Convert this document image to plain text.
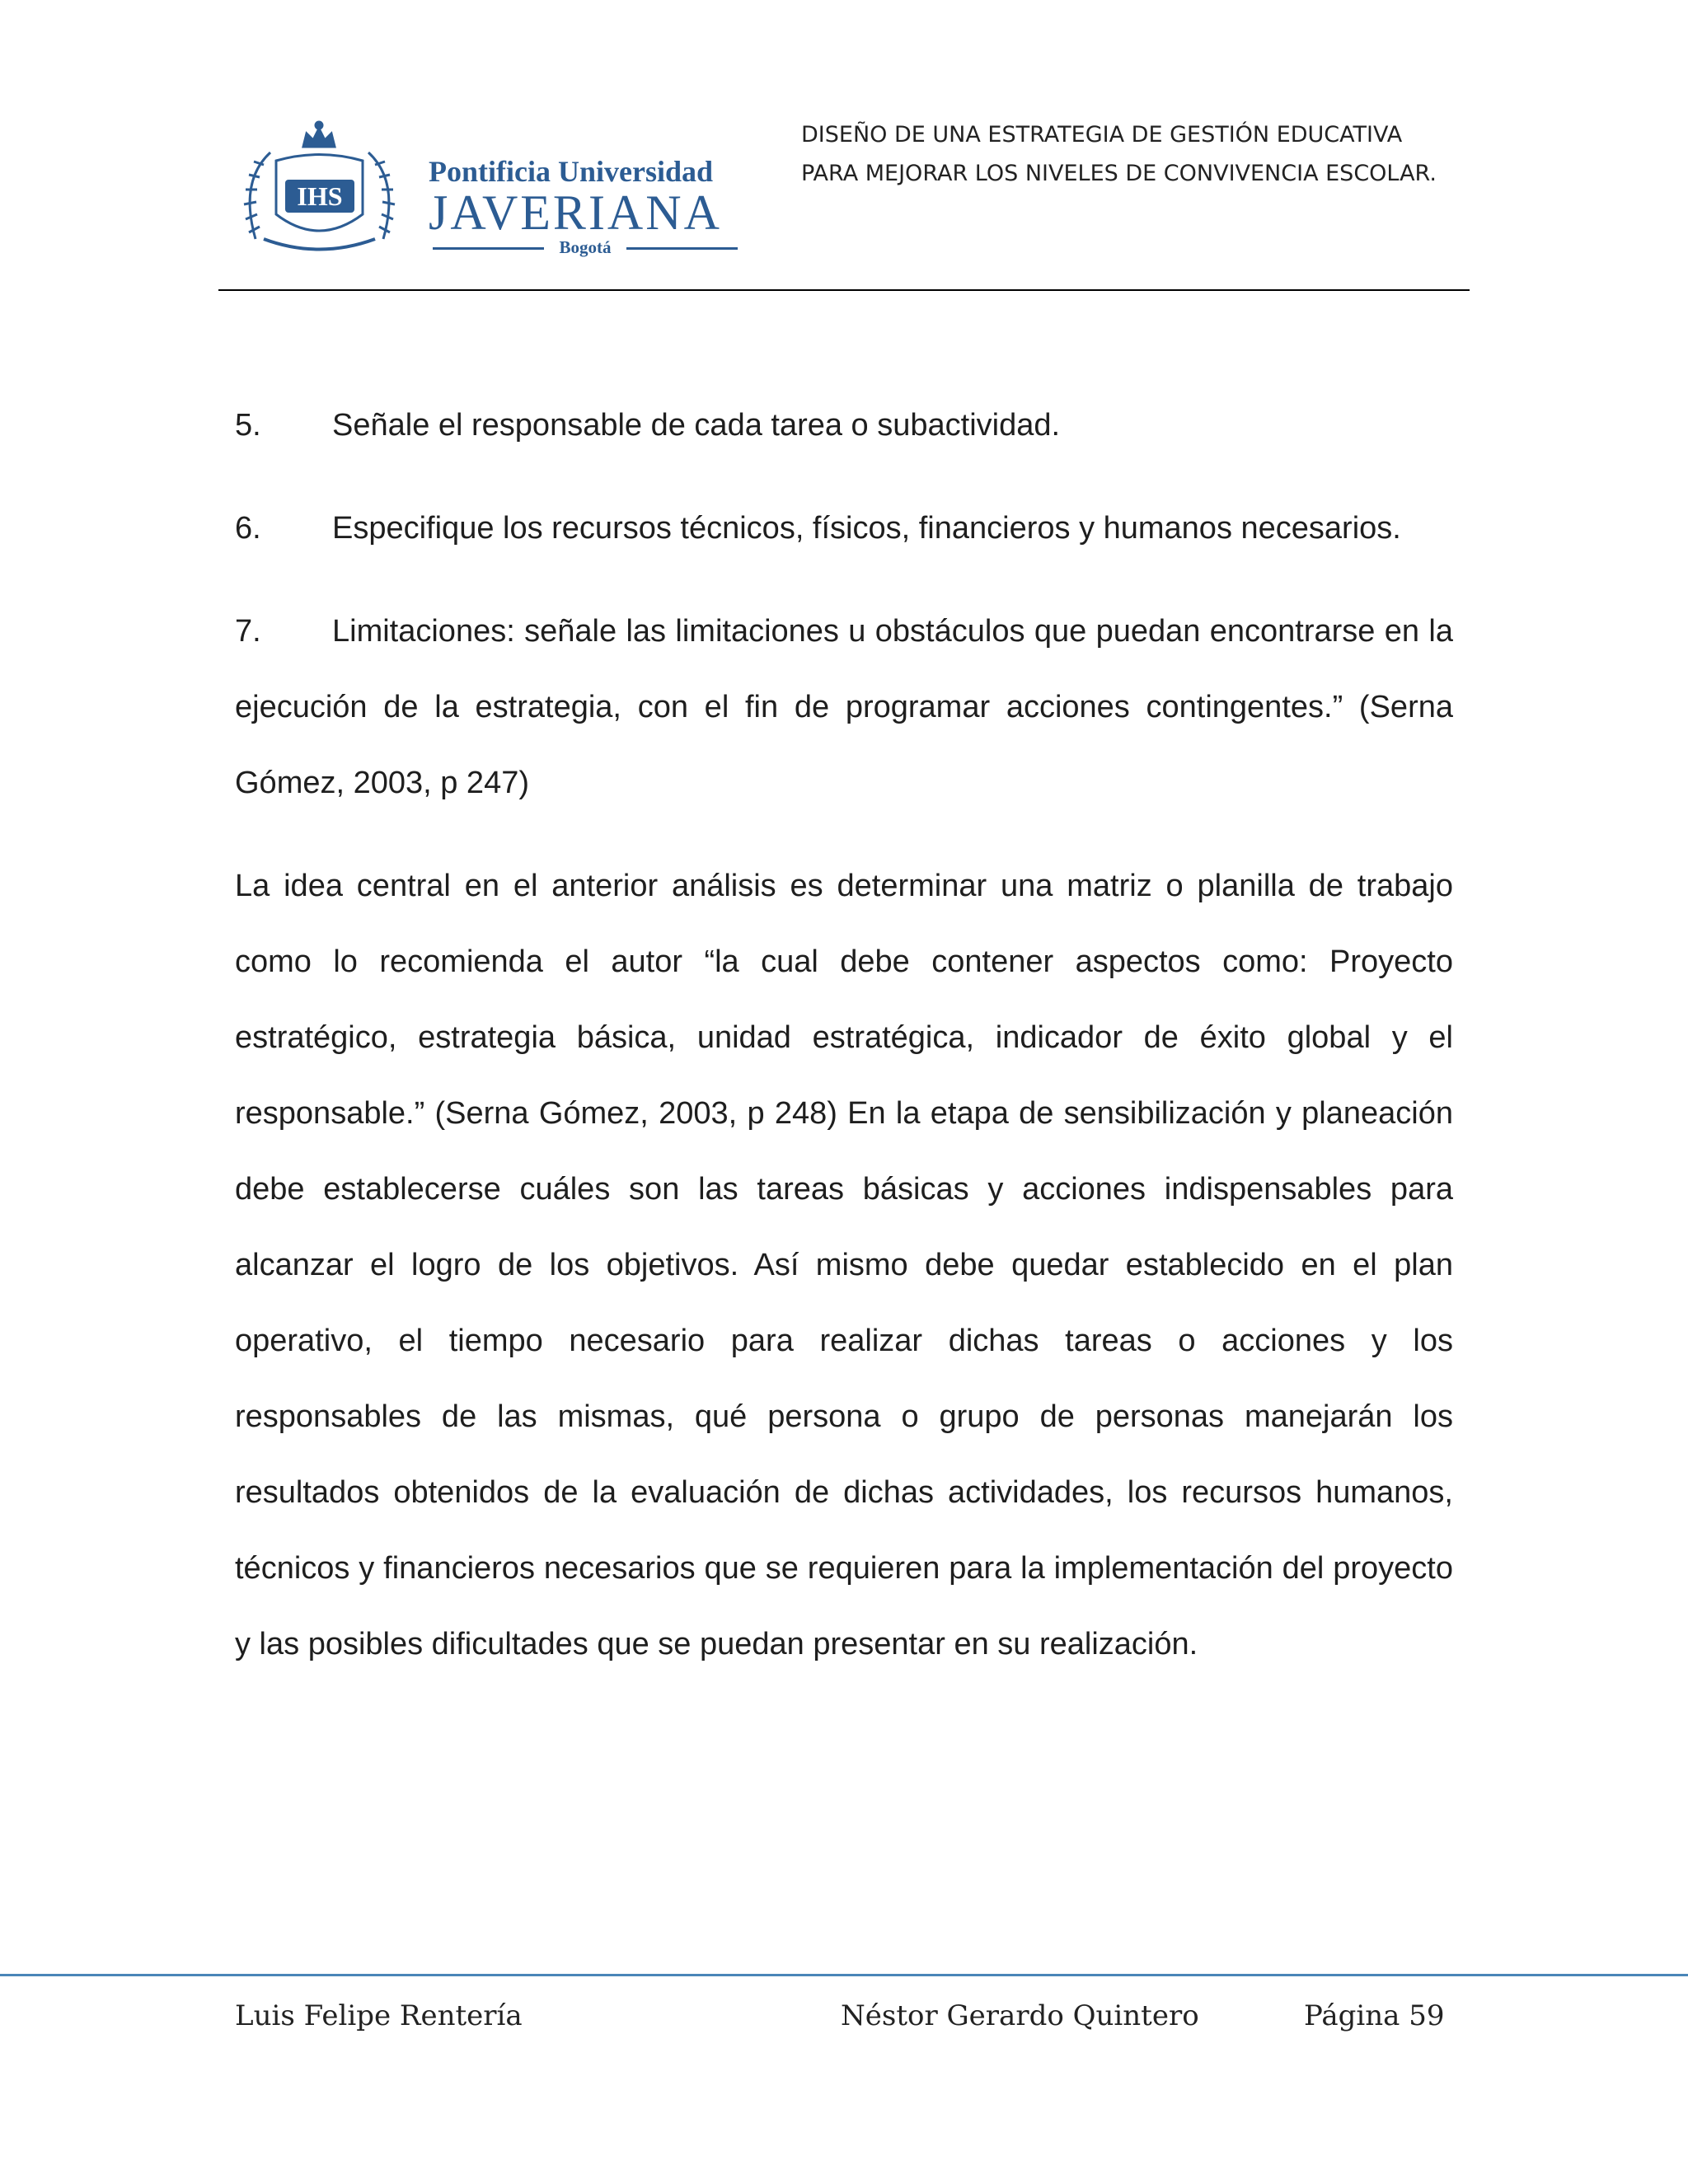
IHS
Pontificia Universidad
JAVERIANA
Bogotá
DISEÑO DE UNA ESTRATEGIA DE GESTIÓN EDUCATIVA
PARA MEJORAR LOS NIVELES DE CONVIVENCIA ESCOLAR.

5. Señale el responsable de cada tarea o subactividad.

6. Especifique los recursos técnicos, físicos, financieros y humanos necesarios.

7. Limitaciones: señale las limitaciones u obstáculos que puedan encontrarse en la ejecución de la estrategia, con el fin de programar acciones contingentes.” (Serna Gómez, 2003, p 247)

La idea central en el anterior análisis es determinar una matriz o planilla de trabajo como lo recomienda el autor “la cual debe contener aspectos como: Proyecto estratégico, estrategia básica, unidad estratégica, indicador de éxito global y el responsable.” (Serna Gómez, 2003, p 248) En la etapa de sensibilización y planeación debe establecerse cuáles son las tareas básicas y acciones indispensables para alcanzar el logro de los objetivos. Así mismo debe quedar establecido en el plan operativo, el tiempo necesario para realizar dichas tareas o acciones y los responsables de las mismas, qué persona o grupo de personas manejarán los resultados obtenidos de la evaluación de dichas actividades, los recursos humanos, técnicos y financieros necesarios que se requieren para la implementación del proyecto y las posibles dificultades que se puedan presentar en su realización.

Luis Felipe Rentería	Néstor Gerardo Quintero	Página 59
